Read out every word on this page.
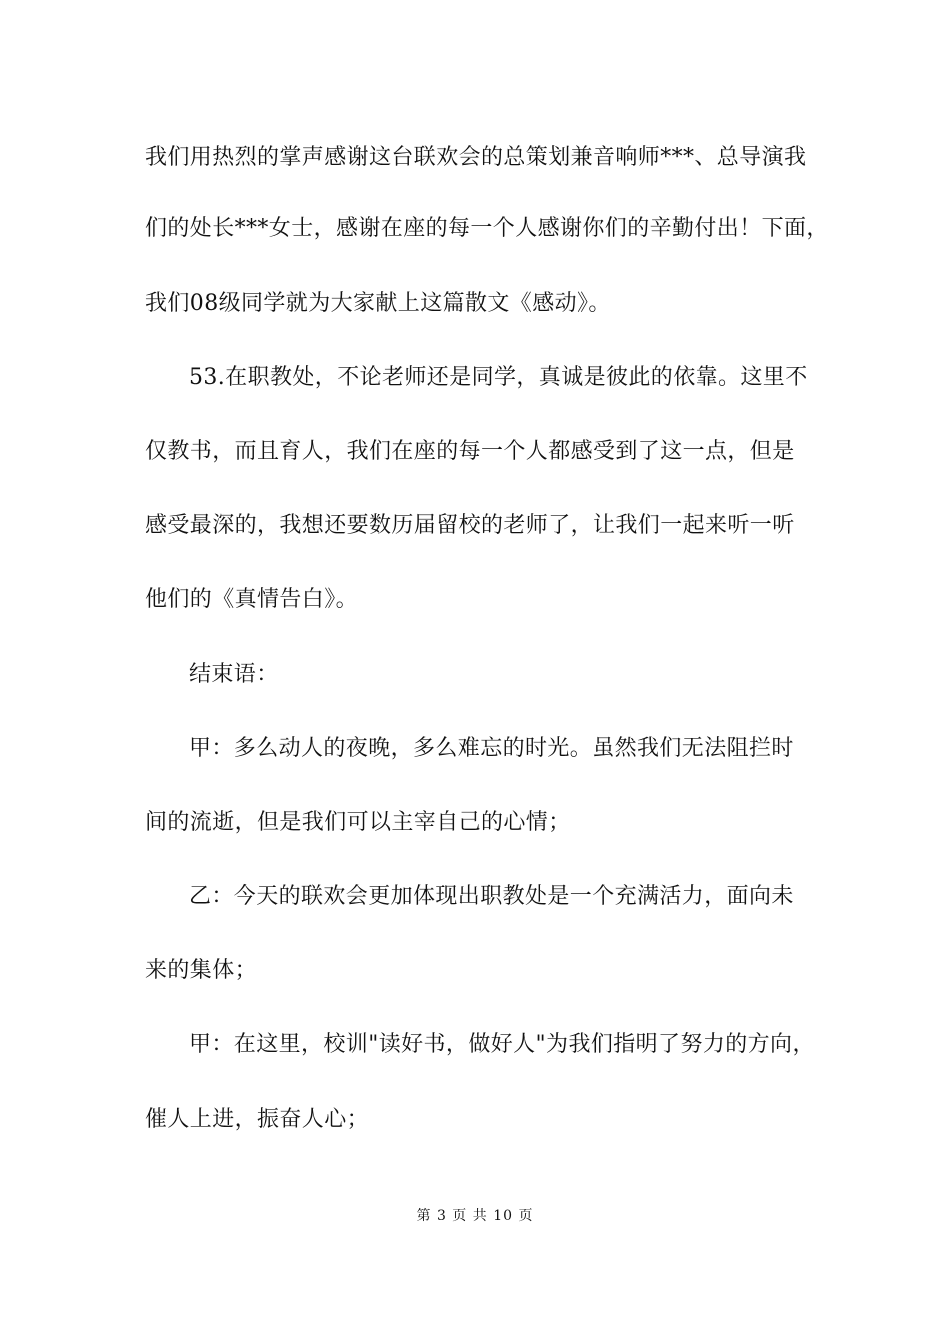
我们用热烈的掌声感谢这台联欢会的总策划兼音响师***、总导演我
们的处长***女士，感谢在座的每一个人感谢你们的辛勤付出！下面，
我们08级同学就为大家献上这篇散文《感动》。
53.在职教处，不论老师还是同学，真诚是彼此的依靠。这里不
仅教书，而且育人，我们在座的每一个人都感受到了这一点，但是
感受最深的，我想还要数历届留校的老师了，让我们一起来听一听
他们的《真情告白》。
结束语：
甲：多么动人的夜晚，多么难忘的时光。虽然我们无法阻拦时
间的流逝，但是我们可以主宰自己的心情；
乙：今天的联欢会更加体现出职教处是一个充满活力，面向未
来的集体；
甲：在这里，校训"读好书，做好人"为我们指明了努力的方向，
催人上进，振奋人心；
第 3 页 共 10 页
